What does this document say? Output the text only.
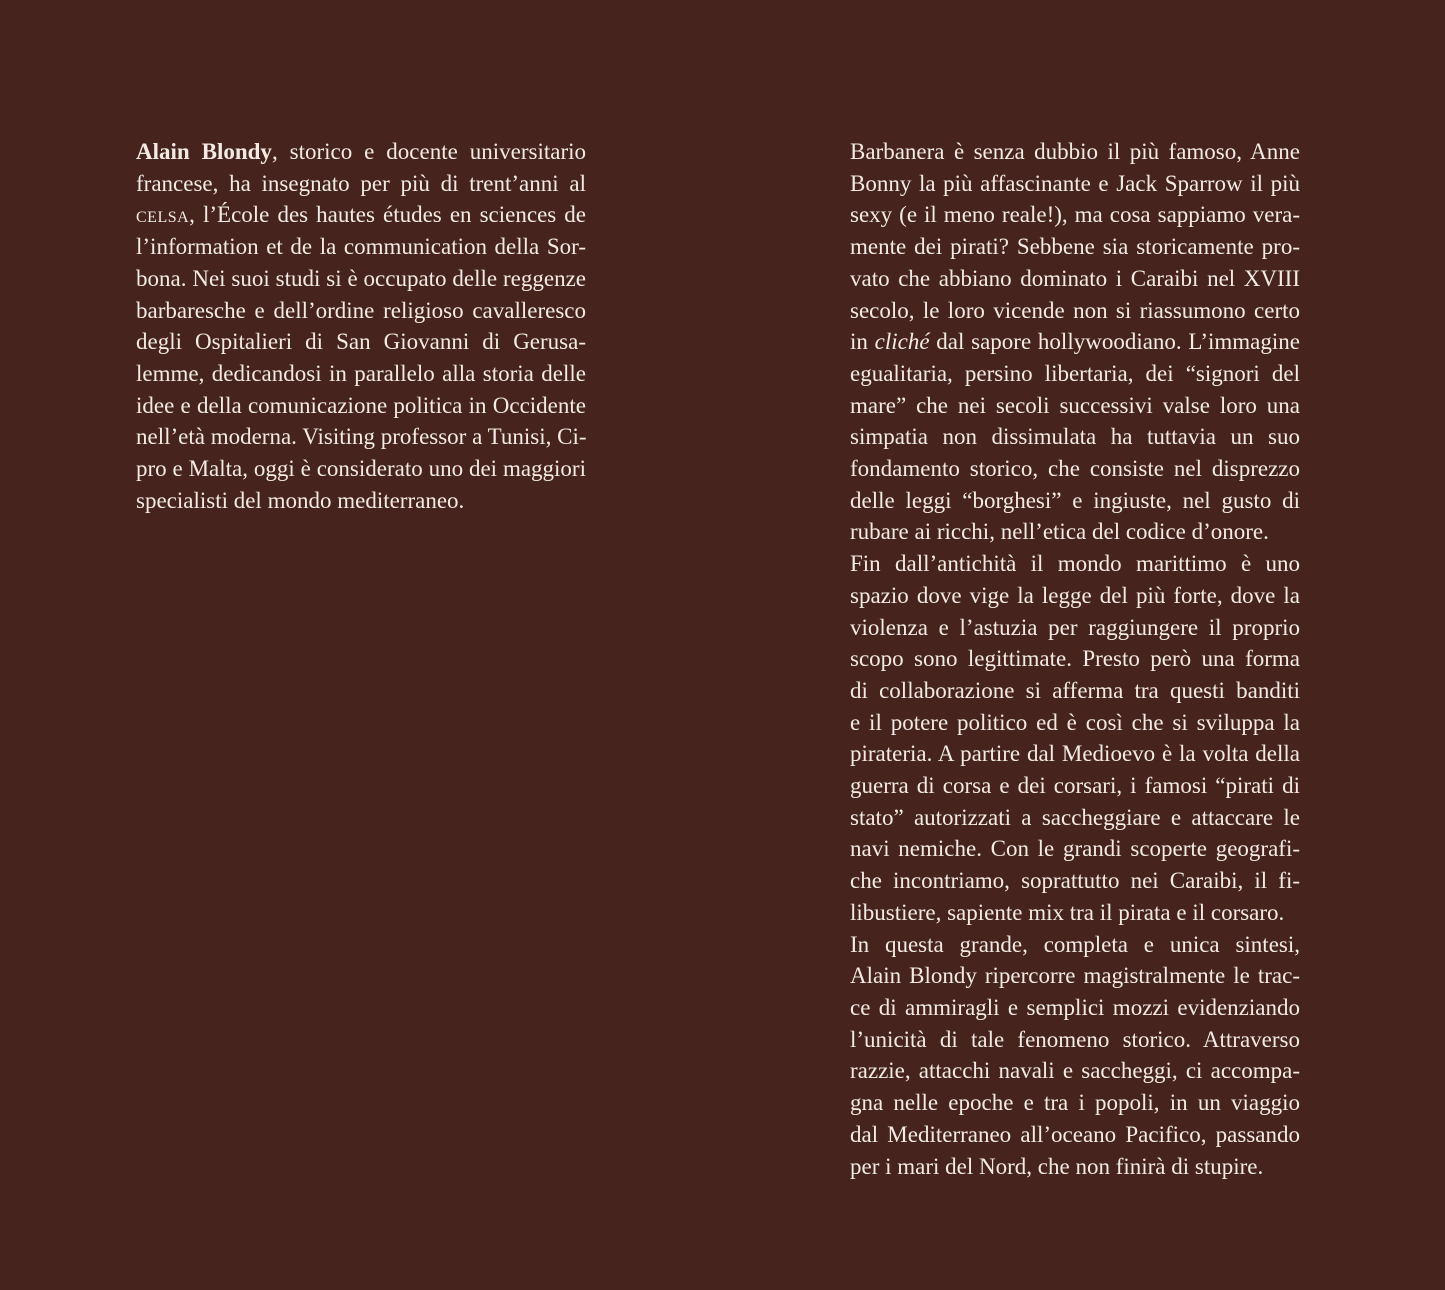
Alain Blondy, storico e docente universitario
francese, ha insegnato per più di trent’anni al
celsa, l’École des hautes études en sciences de
l’information et de la communication della Sor-
bona. Nei suoi studi si è occupato delle reggenze
barbaresche e dell’ordine religioso cavalleresco
degli Ospitalieri di San Giovanni di Gerusa-
lemme, dedicandosi in parallelo alla storia delle
idee e della comunicazione politica in Occidente
nell’età moderna. Visiting professor a Tunisi, Ci-
pro e Malta, oggi è considerato uno dei maggiori
specialisti del mondo mediterraneo.
Barbanera è senza dubbio il più famoso, Anne
Bonny la più affascinante e Jack Sparrow il più
sexy (e il meno reale!), ma cosa sappiamo vera-
mente dei pirati? Sebbene sia storicamente pro-
vato che abbiano dominato i Caraibi nel XVIII
secolo, le loro vicende non si riassumono certo
in cliché dal sapore hollywoodiano. L’immagine
egualitaria, persino libertaria, dei “signori del
mare” che nei secoli successivi valse loro una
simpatia non dissimulata ha tuttavia un suo
fondamento storico, che consiste nel disprezzo
delle leggi “borghesi” e ingiuste, nel gusto di
rubare ai ricchi, nell’etica del codice d’onore.
Fin dall’antichità il mondo marittimo è uno
spazio dove vige la legge del più forte, dove la
violenza e l’astuzia per raggiungere il proprio
scopo sono legittimate. Presto però una forma
di collaborazione si afferma tra questi banditi
e il potere politico ed è così che si sviluppa la
pirateria. A partire dal Medioevo è la volta della
guerra di corsa e dei corsari, i famosi “pirati di
stato” autorizzati a saccheggiare e attaccare le
navi nemiche. Con le grandi scoperte geografi-
che incontriamo, soprattutto nei Caraibi, il fi-
libustiere, sapiente mix tra il pirata e il corsaro.
In questa grande, completa e unica sintesi,
Alain Blondy ripercorre magistralmente le trac-
ce di ammiragli e semplici mozzi evidenziando
l’unicità di tale fenomeno storico. Attraverso
razzie, attacchi navali e saccheggi, ci accompa-
gna nelle epoche e tra i popoli, in un viaggio
dal Mediterraneo all’oceano Pacifico, passando
per i mari del Nord, che non finirà di stupire.
